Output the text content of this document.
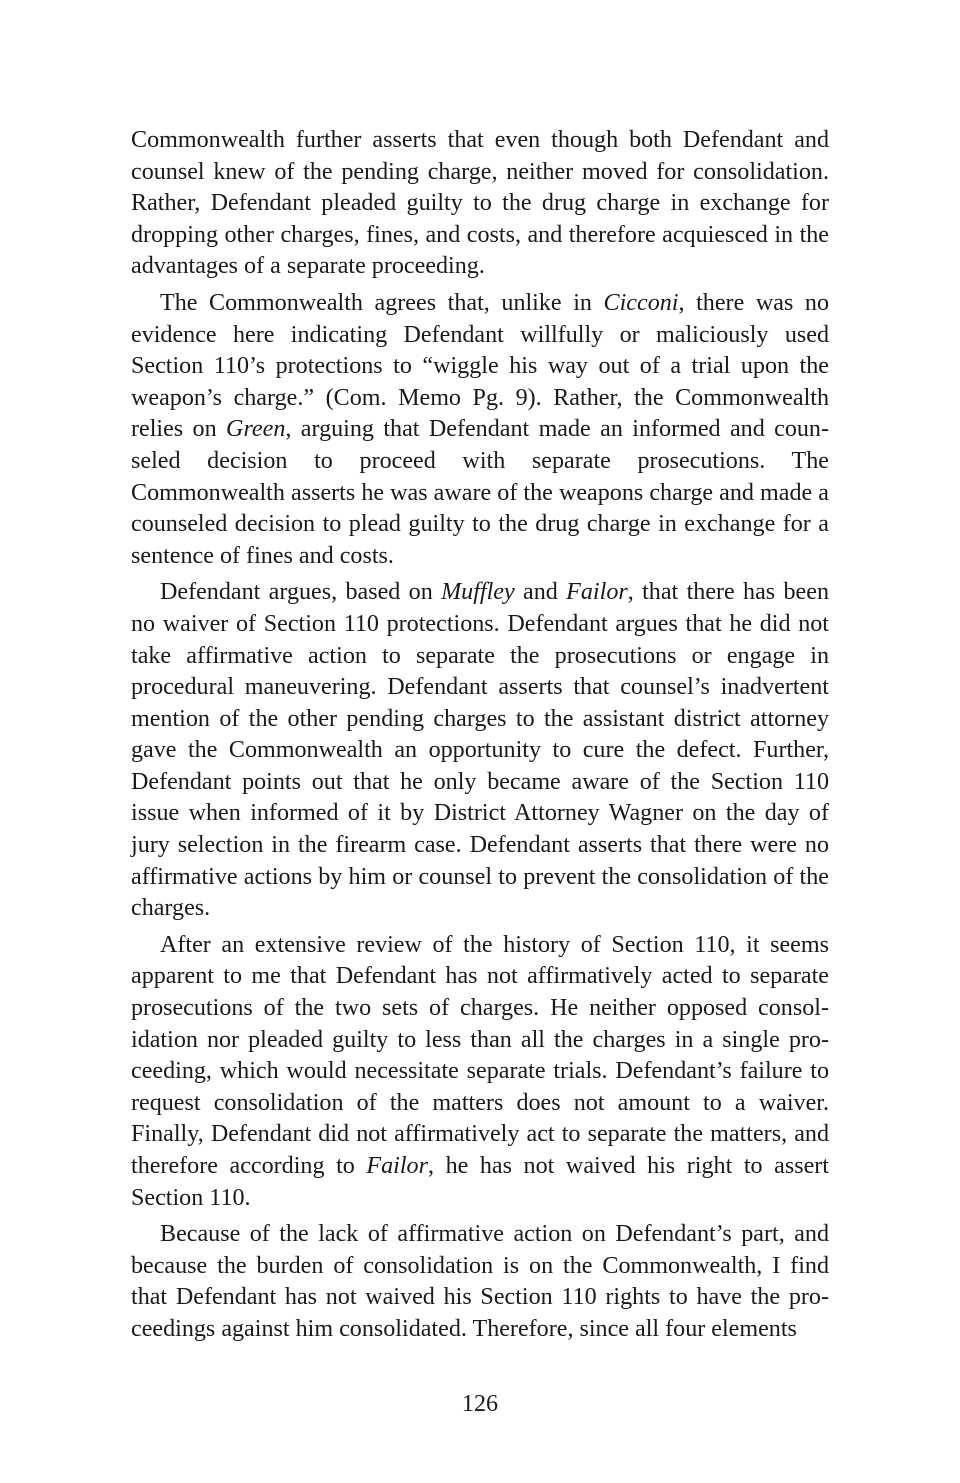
Commonwealth further asserts that even though both Defendant and counsel knew of the pending charge, neither moved for consolidation. Rather, Defendant pleaded guilty to the drug charge in exchange for dropping other charges, fines, and costs, and therefore acquiesced in the advantages of a separate proceeding.

The Commonwealth agrees that, unlike in Cicconi, there was no evidence here indicating Defendant willfully or maliciously used Section 110’s protections to “wiggle his way out of a trial upon the weapon’s charge.” (Com. Memo Pg. 9). Rather, the Commonwealth relies on Green, arguing that Defendant made an informed and counseled decision to proceed with separate prosecutions. The Commonwealth asserts he was aware of the weapons charge and made a counseled decision to plead guilty to the drug charge in exchange for a sentence of fines and costs.

Defendant argues, based on Muffley and Failor, that there has been no waiver of Section 110 protections. Defendant argues that he did not take affirmative action to separate the prosecutions or engage in procedural maneuvering. Defendant asserts that counsel’s inadvertent mention of the other pending charges to the assistant district attorney gave the Commonwealth an opportunity to cure the defect. Further, Defendant points out that he only became aware of the Section 110 issue when informed of it by District Attorney Wagner on the day of jury selection in the firearm case. Defendant asserts that there were no affirmative actions by him or counsel to prevent the consolidation of the charges.

After an extensive review of the history of Section 110, it seems apparent to me that Defendant has not affirmatively acted to separate prosecutions of the two sets of charges. He neither opposed consolidation nor pleaded guilty to less than all the charges in a single proceeding, which would necessitate separate trials. Defendant’s failure to request consolidation of the matters does not amount to a waiver. Finally, Defendant did not affirmatively act to separate the matters, and therefore according to Failor, he has not waived his right to assert Section 110.

Because of the lack of affirmative action on Defendant’s part, and because the burden of consolidation is on the Commonwealth, I find that Defendant has not waived his Section 110 rights to have the proceedings against him consolidated. Therefore, since all four elements

126
